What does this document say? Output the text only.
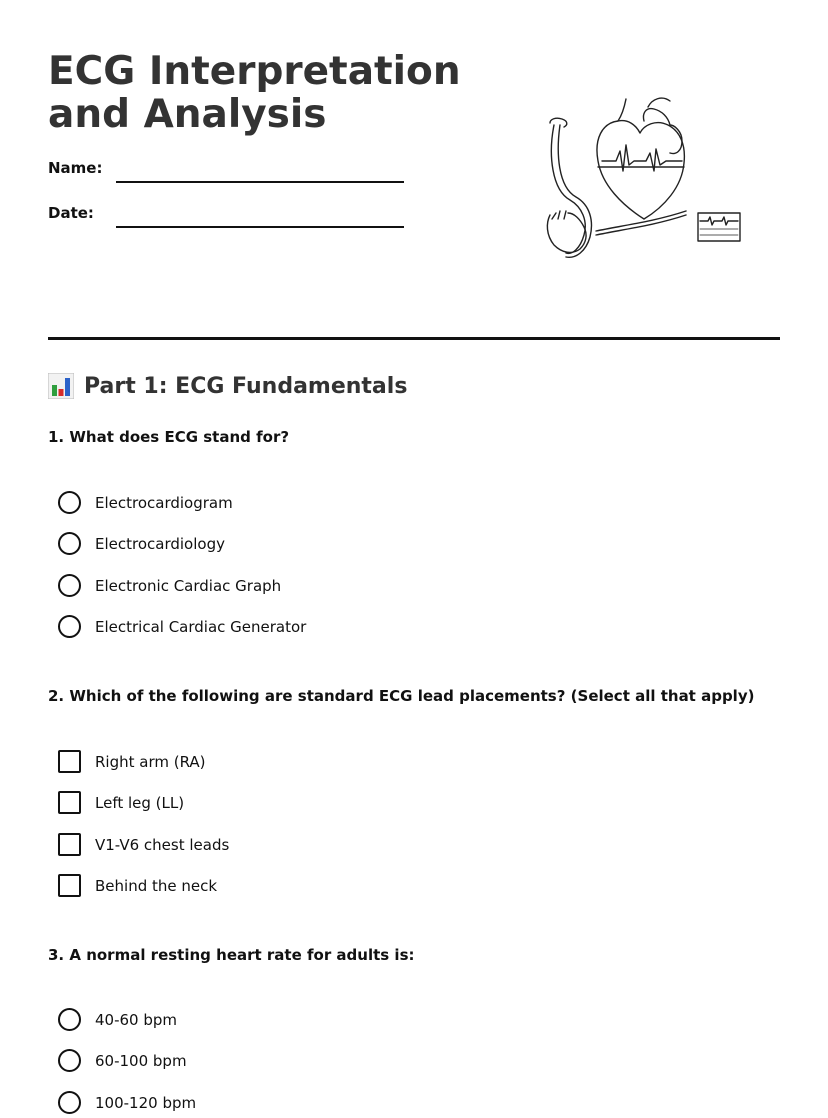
ECG Interpretation and Analysis
Name:
Date:
Part 1: ECG Fundamentals
1. What does ECG stand for?
Electrocardiogram
Electrocardiology
Electronic Cardiac Graph
Electrical Cardiac Generator
2. Which of the following are standard ECG lead placements? (Select all that apply)
Right arm (RA)
Left leg (LL)
V1-V6 chest leads
Behind the neck
3. A normal resting heart rate for adults is:
40-60 bpm
60-100 bpm
100-120 bpm
